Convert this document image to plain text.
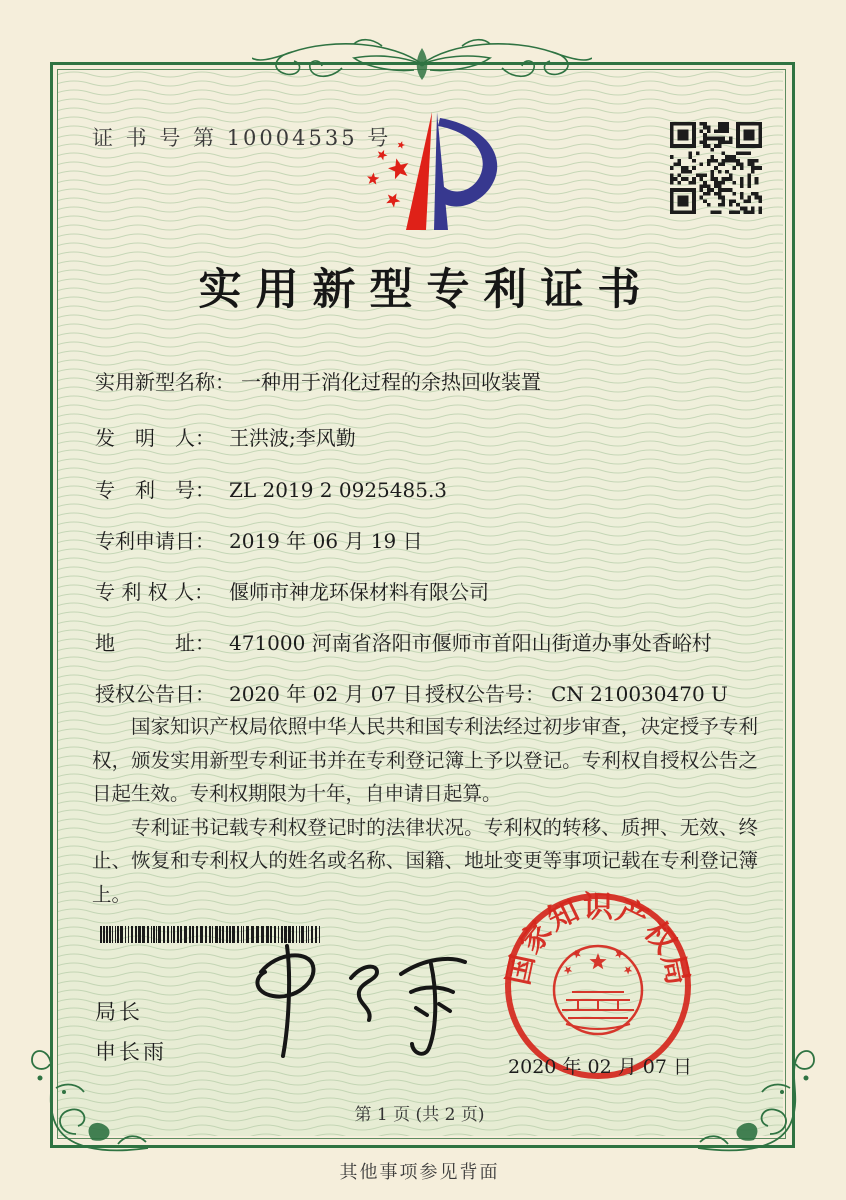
证 书 号 第 10004535 号
实用新型专利证书
实用新型名称： 一种用于消化过程的余热回收装置
发　明　人： 王洪波;李风勤
专　利　号： ZL 2019 2 0925485.3
专利申请日： 2019 年 06 月 19 日
专 利 权 人： 偃师市神龙环保材料有限公司
地　　　址： 471000 河南省洛阳市偃师市首阳山街道办事处香峪村
授权公告日： 2020 年 02 月 07 日 授权公告号： CN 210030470 U

国家知识产权局依照中华人民共和国专利法经过初步审查，决定授予专利权，颁发实用新型专利证书并在专利登记簿上予以登记。专利权自授权公告之日起生效。专利权期限为十年，自申请日起算。

专利证书记载专利权登记时的法律状况。专利权的转移、质押、无效、终止、恢复和专利权人的姓名或名称、国籍、地址变更等事项记载在专利登记簿上。

局长
申长雨
国
家
知
识
产
权
局
2020 年 02 月 07 日
第 1 页 (共 2 页)
其他事项参见背面
